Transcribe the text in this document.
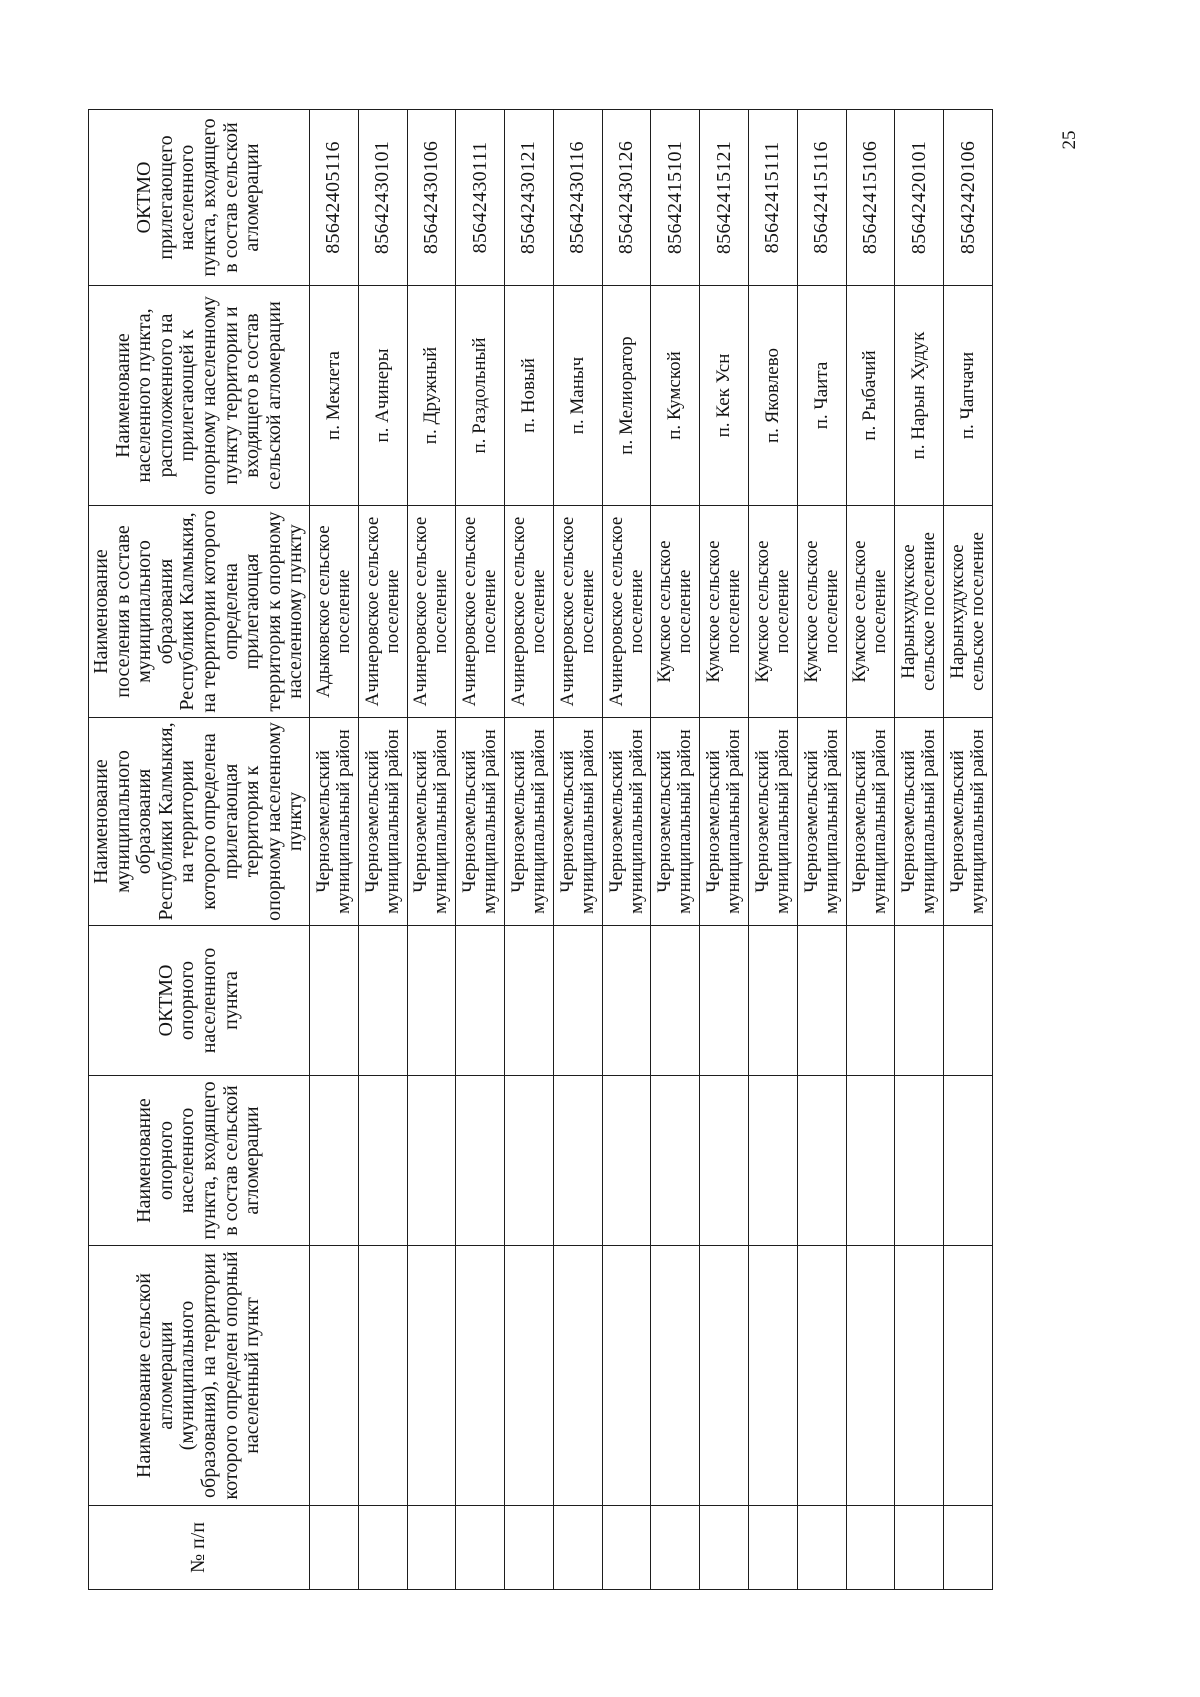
25
№ п/п	Наименование сельской агломерации (муниципального образования), на территории которого определен опорный населенный пункт	Наименование опорного населенного пункта, входящего в состав сельской агломерации	ОКТМО опорного населенного пункта	Наименование муниципального образования Республики Калмыкия, на территории которого определена прилегающая территория к опорному населенному пункту	Наименование поселения в составе муниципального образования Республики Калмыкия, на территории которого определена прилегающая территория к опорному населенному пункту	Наименование населенного пункта, расположенного на прилегающей к опорному населенному пункту территории и входящего в состав сельской агломерации	ОКТМО прилегающего населенного пункта, входящего в состав сельской агломерации
				Черноземельский муниципальный район	Адыковское сельское поселение	п. Меклета	85642405116
				Черноземельский муниципальный район	Ачинеровское сельское поселение	п. Ачинеры	85642430101
				Черноземельский муниципальный район	Ачинеровское сельское поселение	п. Дружный	85642430106
				Черноземельский муниципальный район	Ачинеровское сельское поселение	п. Раздольный	85642430111
				Черноземельский муниципальный район	Ачинеровское сельское поселение	п. Новый	85642430121
				Черноземельский муниципальный район	Ачинеровское сельское поселение	п. Маныч	85642430116
				Черноземельский муниципальный район	Ачинеровское сельское поселение	п. Мелиоратор	85642430126
				Черноземельский муниципальный район	Кумское сельское поселение	п. Кумской	85642415101
				Черноземельский муниципальный район	Кумское сельское поселение	п. Кек Усн	85642415121
				Черноземельский муниципальный район	Кумское сельское поселение	п. Яковлево	85642415111
				Черноземельский муниципальный район	Кумское сельское поселение	п. Чаита	85642415116
				Черноземельский муниципальный район	Кумское сельское поселение	п. Рыбачий	85642415106
				Черноземельский муниципальный район	Нарынхудукское сельское поселение	п. Нарын Худук	85642420101
				Черноземельский муниципальный район	Нарынхудукское сельское поселение	п. Чапчачи	85642420106
